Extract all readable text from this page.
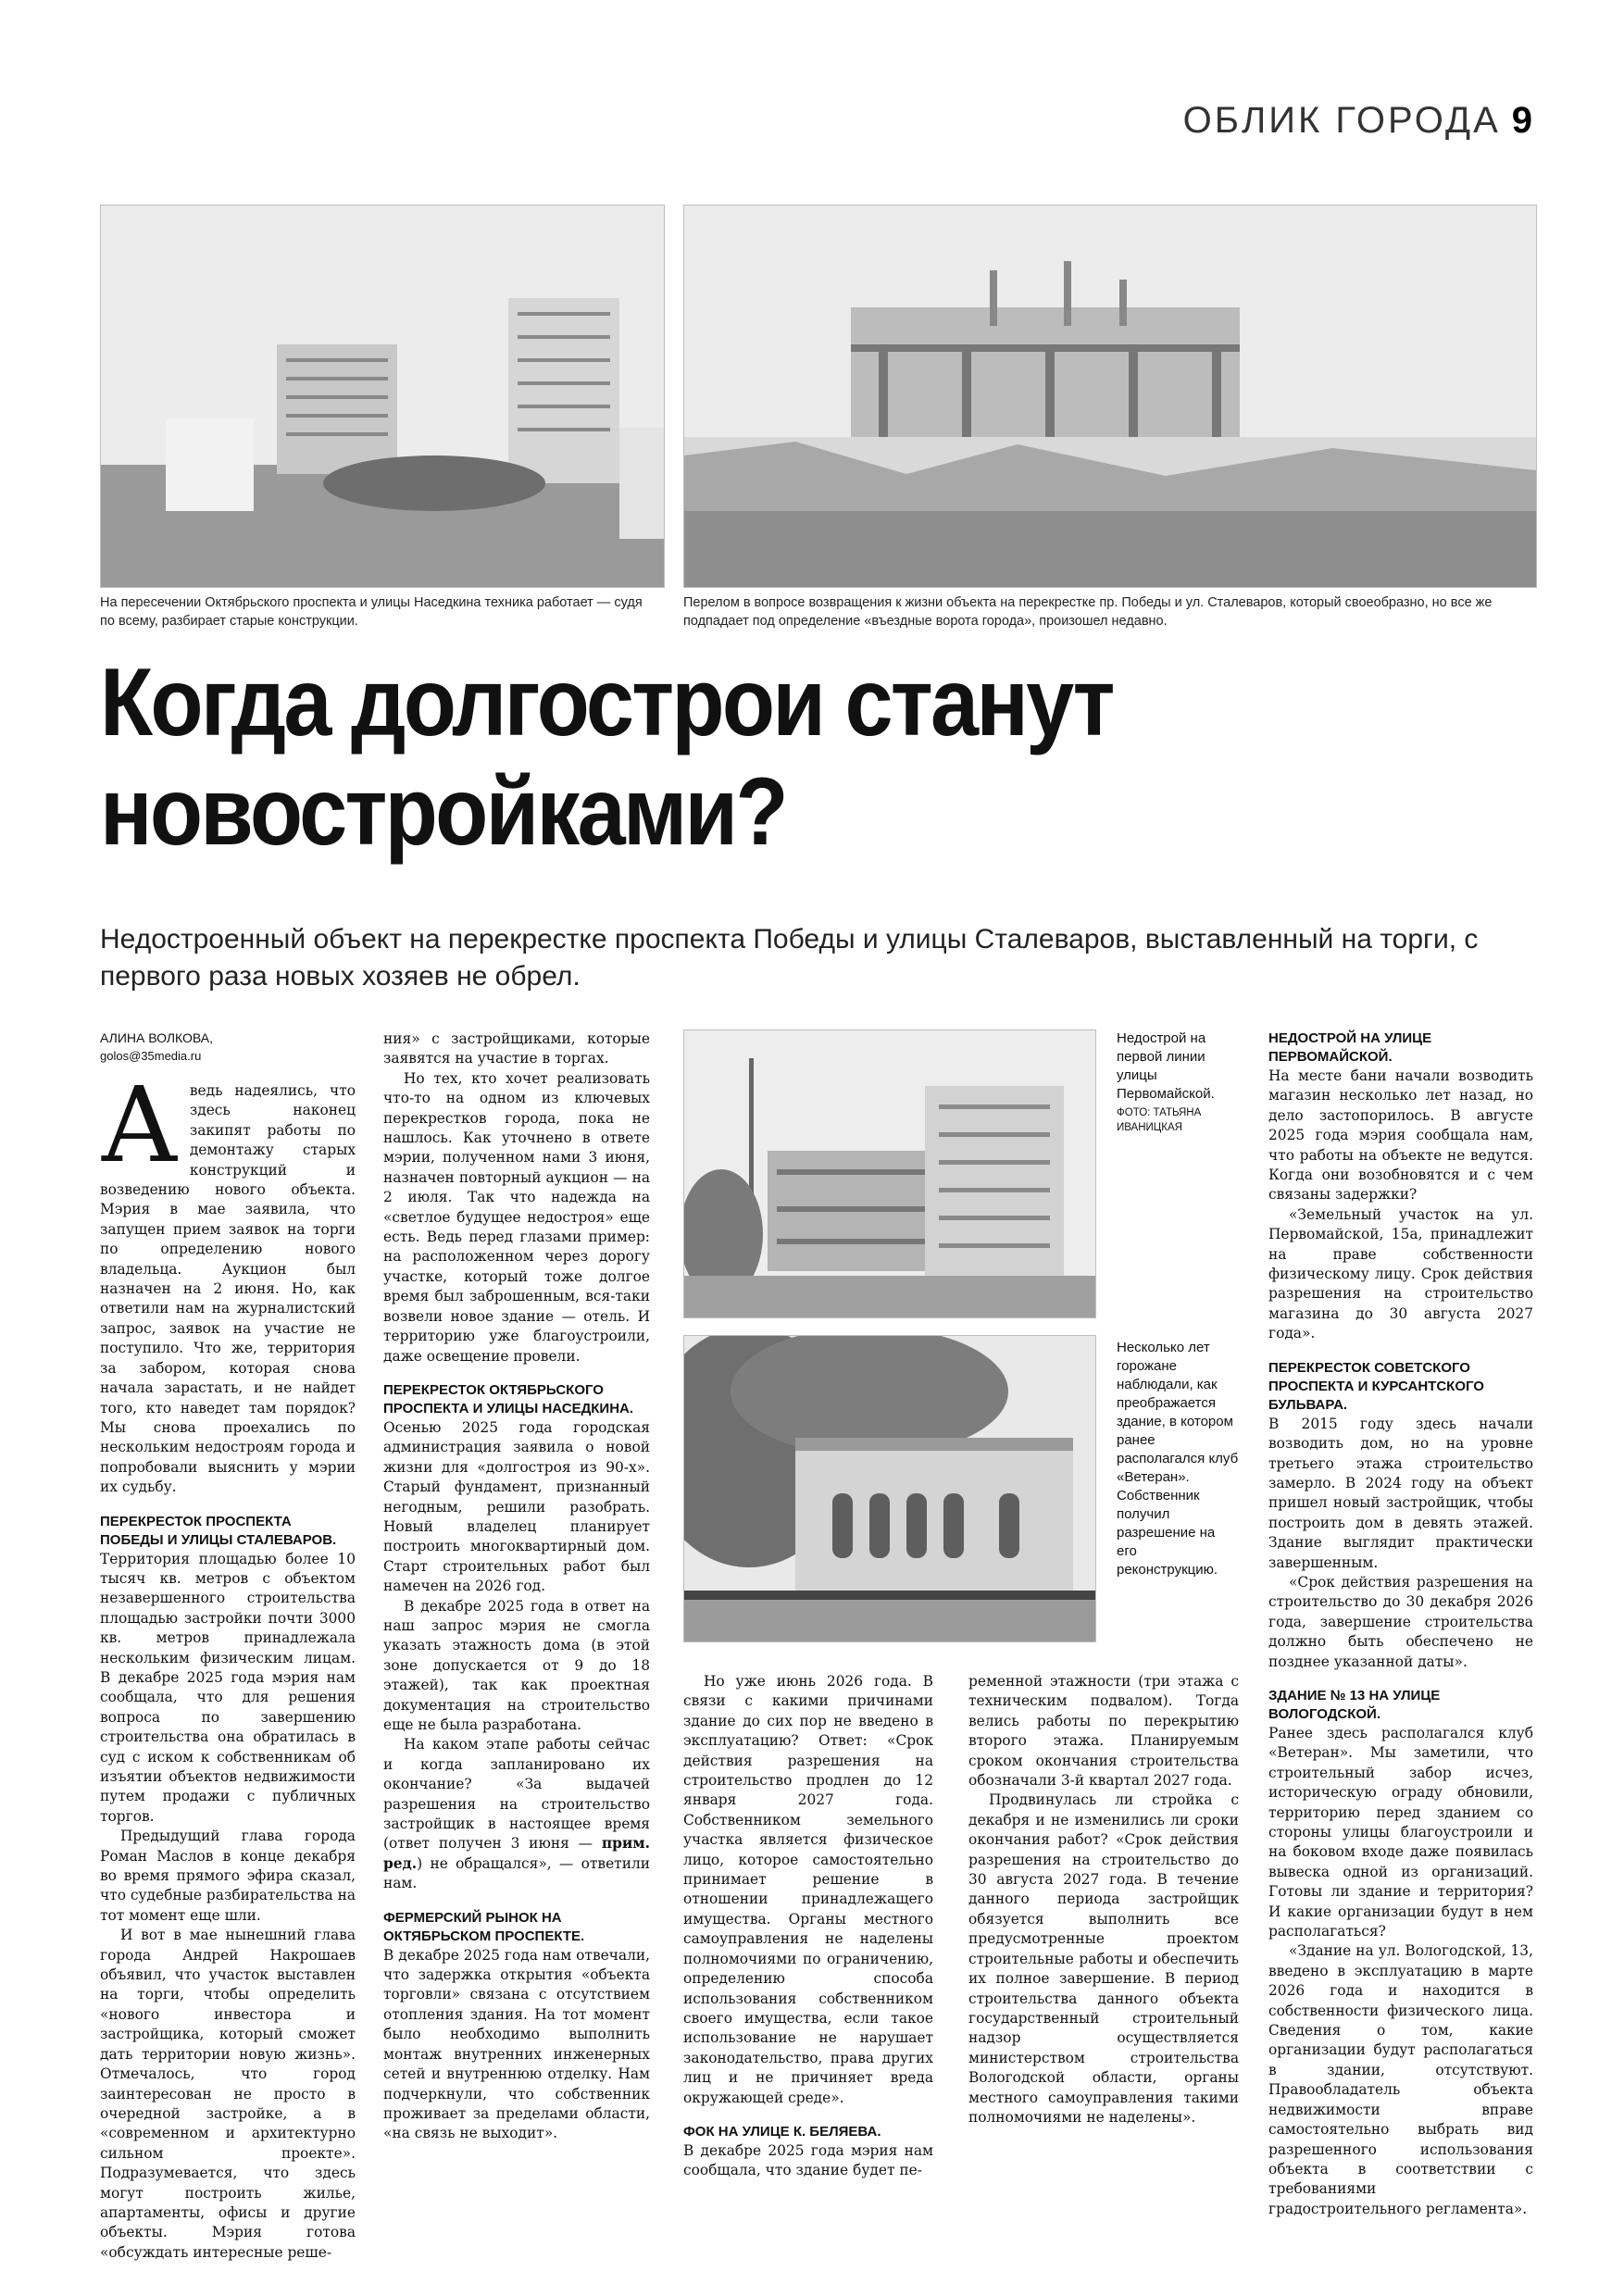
ОБЛИК ГОРОДА 9
На пересечении Октябрьского проспекта и улицы Наседкина техника работает — судя по всему, разбирает старые конструкции.
Перелом в вопросе возвращения к жизни объекта на перекрестке пр. Победы и ул. Сталеваров, который своеобразно, но все же подпадает под определение «въездные ворота города», произошел недавно.
Когда долгострои станут
новостройками?

Недостроенный объект на перекрестке проспекта Победы и улицы Сталеваров, выставленный на торги, с первого раза новых хозяев не обрел.

АЛИНА ВОЛКОВА,
golos@35media.ru

Аведь надеялись, что здесь наконец закипят работы по демонтажу старых конструкций и возведению нового объекта. Мэрия в мае заявила, что запущен прием заявок на торги по определению нового владельца. Аукцион был назначен на 2 июня. Но, как ответили нам на журналистский запрос, заявок на участие не поступило. Что же, территория за забором, которая снова начала зарастать, и не найдет того, кто наведет там порядок? Мы снова проехались по нескольким недостроям города и попробовали выяснить у мэрии их судьбу.

ПЕРЕКРЕСТОК ПРОСПЕКТА ПОБЕДЫ И УЛИЦЫ СТАЛЕВАРОВ.

Территория площадью более 10 тысяч кв. метров с объектом незавершенного строительства площадью застройки почти 3000 кв. метров принадлежала нескольким физическим лицам. В декабре 2025 года мэрия нам сообщала, что для решения вопроса по завершению строительства она обратилась в суд с иском к собственникам об изъятии объектов недвижимости путем продажи с публичных торгов.

Предыдущий глава города Роман Маслов в конце декабря во время прямого эфира сказал, что судебные разбирательства на тот момент еще шли.

И вот в мае нынешний глава города Андрей Накрошаев объявил, что участок выставлен на торги, чтобы определить «нового инвестора и застройщика, который сможет дать территории новую жизнь». Отмечалось, что город заинтересован не просто в очередной застройке, а в «современном и архитектурно сильном проекте». Подразумевается, что здесь могут построить жилье, апартаменты, офисы и другие объекты. Мэрия готова «обсуждать интересные реше-

ния» с застройщиками, которые заявятся на участие в торгах.

Но тех, кто хочет реализовать что-то на одном из ключевых перекрестков города, пока не нашлось. Как уточнено в ответе мэрии, полученном нами 3 июня, назначен повторный аукцион — на 2 июля. Так что надежда на «светлое будущее недостроя» еще есть. Ведь перед глазами пример: на расположенном через дорогу участке, который тоже долгое время был заброшенным, вся-таки возвели новое здание — отель. И территорию уже благоустроили, даже освещение провели.

ПЕРЕКРЕСТОК ОКТЯБРЬСКОГО ПРОСПЕКТА И УЛИЦЫ НАСЕДКИНА.

Осенью 2025 года городская администрация заявила о новой жизни для «долгостроя из 90-х». Старый фундамент, признанный негодным, решили разобрать. Новый владелец планирует построить многоквартирный дом. Старт строительных работ был намечен на 2026 год.

В декабре 2025 года в ответ на наш запрос мэрия не смогла указать этажность дома (в этой зоне допускается от 9 до 18 этажей), так как проектная документация на строительство еще не была разработана.

На каком этапе работы сейчас и когда запланировано их окончание? «За выдачей разрешения на строительство застройщик в настоящее время (ответ получен 3 июня — прим. ред.) не обращался», — ответили нам.

ФЕРМЕРСКИЙ РЫНОК НА ОКТЯБРЬСКОМ ПРОСПЕКТЕ.

В декабре 2025 года нам отвечали, что задержка открытия «объекта торговли» связана с отсутствием отопления здания. На тот момент было необходимо выполнить монтаж внутренних инженерных сетей и внутреннюю отделку. Нам подчеркнули, что собственник проживает за пределами области, «на связь не выходит».

Недострой на первой линии улицы Первомайской.
ФОТО: ТАТЬЯНА ИВАНИЦКАЯ
Несколько лет горожане наблюдали, как преображается здание, в котором ранее располагался клуб «Ветеран». Собственник получил разрешение на его реконструкцию.

Но уже июнь 2026 года. В связи с какими причинами здание до сих пор не введено в эксплуатацию? Ответ: «Срок действия разрешения на строительство продлен до 12 января 2027 года. Собственником земельного участка является физическое лицо, которое самостоятельно принимает решение в отношении принадлежащего имущества. Органы местного самоуправления не наделены полномочиями по ограничению, определению способа использования собственником своего имущества, если такое использование не нарушает законодательство, права других лиц и не причиняет вреда окружающей среде».

ФОК НА УЛИЦЕ К. БЕЛЯЕВА.

В декабре 2025 года мэрия нам сообщала, что здание будет пе-

ременной этажности (три этажа с техническим подвалом). Тогда велись работы по перекрытию второго этажа. Планируемым сроком окончания строительства обозначали 3-й квартал 2027 года.

Продвинулась ли стройка с декабря и не изменились ли сроки окончания работ? «Срок действия разрешения на строительство до 30 августа 2027 года. В течение данного периода застройщик обязуется выполнить все предусмотренные проектом строительные работы и обеспечить их полное завершение. В период строительства данного объекта государственный строительный надзор осуществляется министерством строительства Вологодской области, органы местного самоуправления такими полномочиями не наделены».

НЕДОСТРОЙ НА УЛИЦЕ ПЕРВОМАЙСКОЙ.

На месте бани начали возводить магазин несколько лет назад, но дело застопорилось. В августе 2025 года мэрия сообщала нам, что работы на объекте не ведутся. Когда они возобновятся и с чем связаны задержки?

«Земельный участок на ул. Первомайской, 15а, принадлежит на праве собственности физическому лицу. Срок действия разрешения на строительство магазина до 30 августа 2027 года».

ПЕРЕКРЕСТОК СОВЕТСКОГО ПРОСПЕКТА И КУРСАНТСКОГО БУЛЬВАРА.

В 2015 году здесь начали возводить дом, но на уровне третьего этажа строительство замерло. В 2024 году на объект пришел новый застройщик, чтобы построить дом в девять этажей. Здание выглядит практически завершенным.

«Срок действия разрешения на строительство до 30 декабря 2026 года, завершение строительства должно быть обеспечено не позднее указанной даты».

ЗДАНИЕ № 13 НА УЛИЦЕ ВОЛОГОДСКОЙ.

Ранее здесь располагался клуб «Ветеран». Мы заметили, что строительный забор исчез, историческую ограду обновили, территорию перед зданием со стороны улицы благоустроили и на боковом входе даже появилась вывеска одной из организаций. Готовы ли здание и территория? И какие организации будут в нем располагаться?

«Здание на ул. Вологодской, 13, введено в эксплуатацию в марте 2026 года и находится в собственности физического лица. Сведения о том, какие организации будут располагаться в здании, отсутствуют. Правообладатель объекта недвижимости вправе самостоятельно выбрать вид разрешенного использования объекта в соответствии с требованиями градостроительного регламента».
